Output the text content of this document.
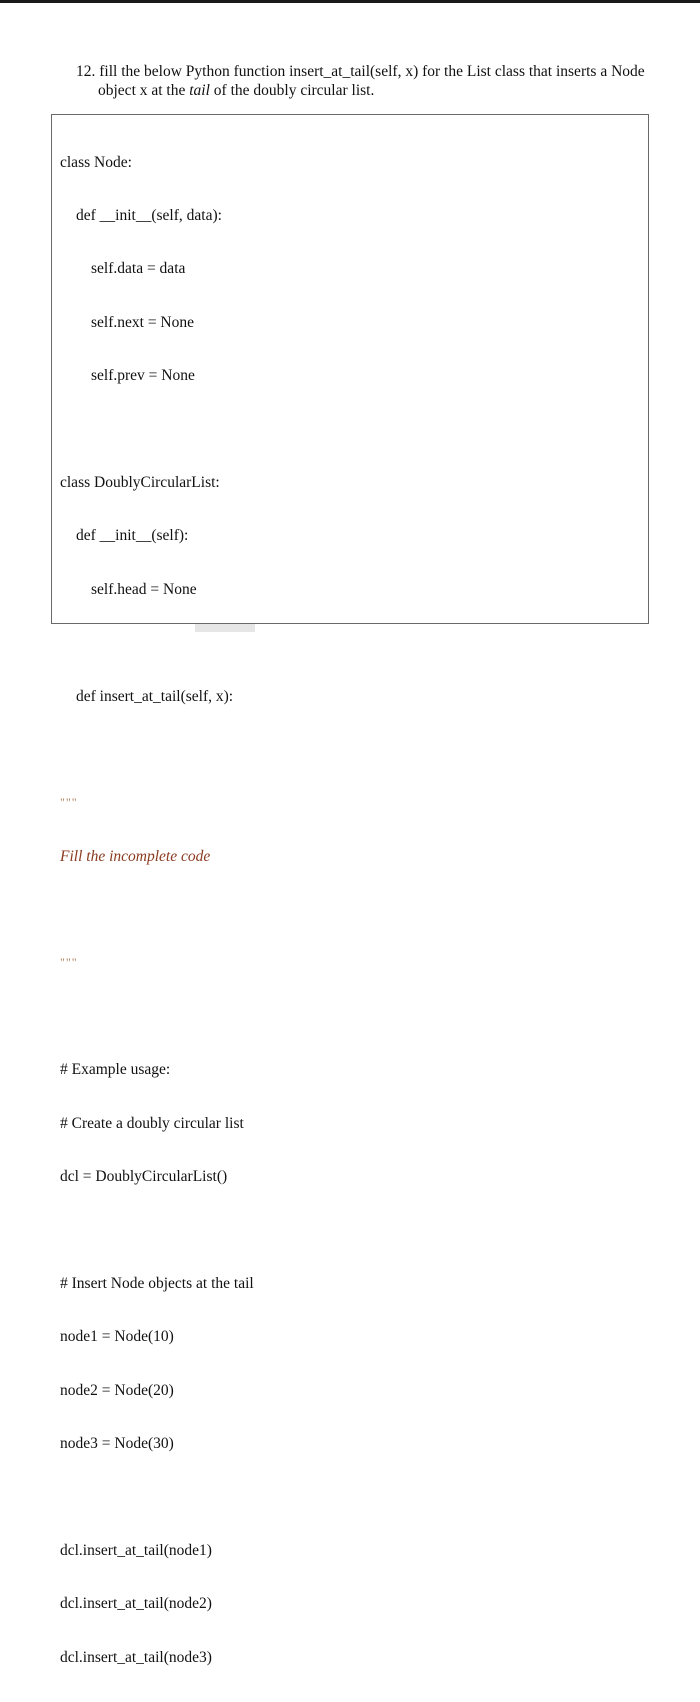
12. fill the below Python function insert_at_tail(self, x) for the List class that inserts a Node
object x at the tail of the doubly circular list.

class Node:

def __init__(self, data):

self.data = data

self.next = None

self.prev = None

class DoublyCircularList:

def __init__(self):

self.head = None

def insert_at_tail(self, x):

"""

Fill the incomplete code

"""

# Example usage:

# Create a doubly circular list

dcl = DoublyCircularList()

# Insert Node objects at the tail

node1 = Node(10)

node2 = Node(20)

node3 = Node(30)

dcl.insert_at_tail(node1)

dcl.insert_at_tail(node2)

dcl.insert_at_tail(node3)
